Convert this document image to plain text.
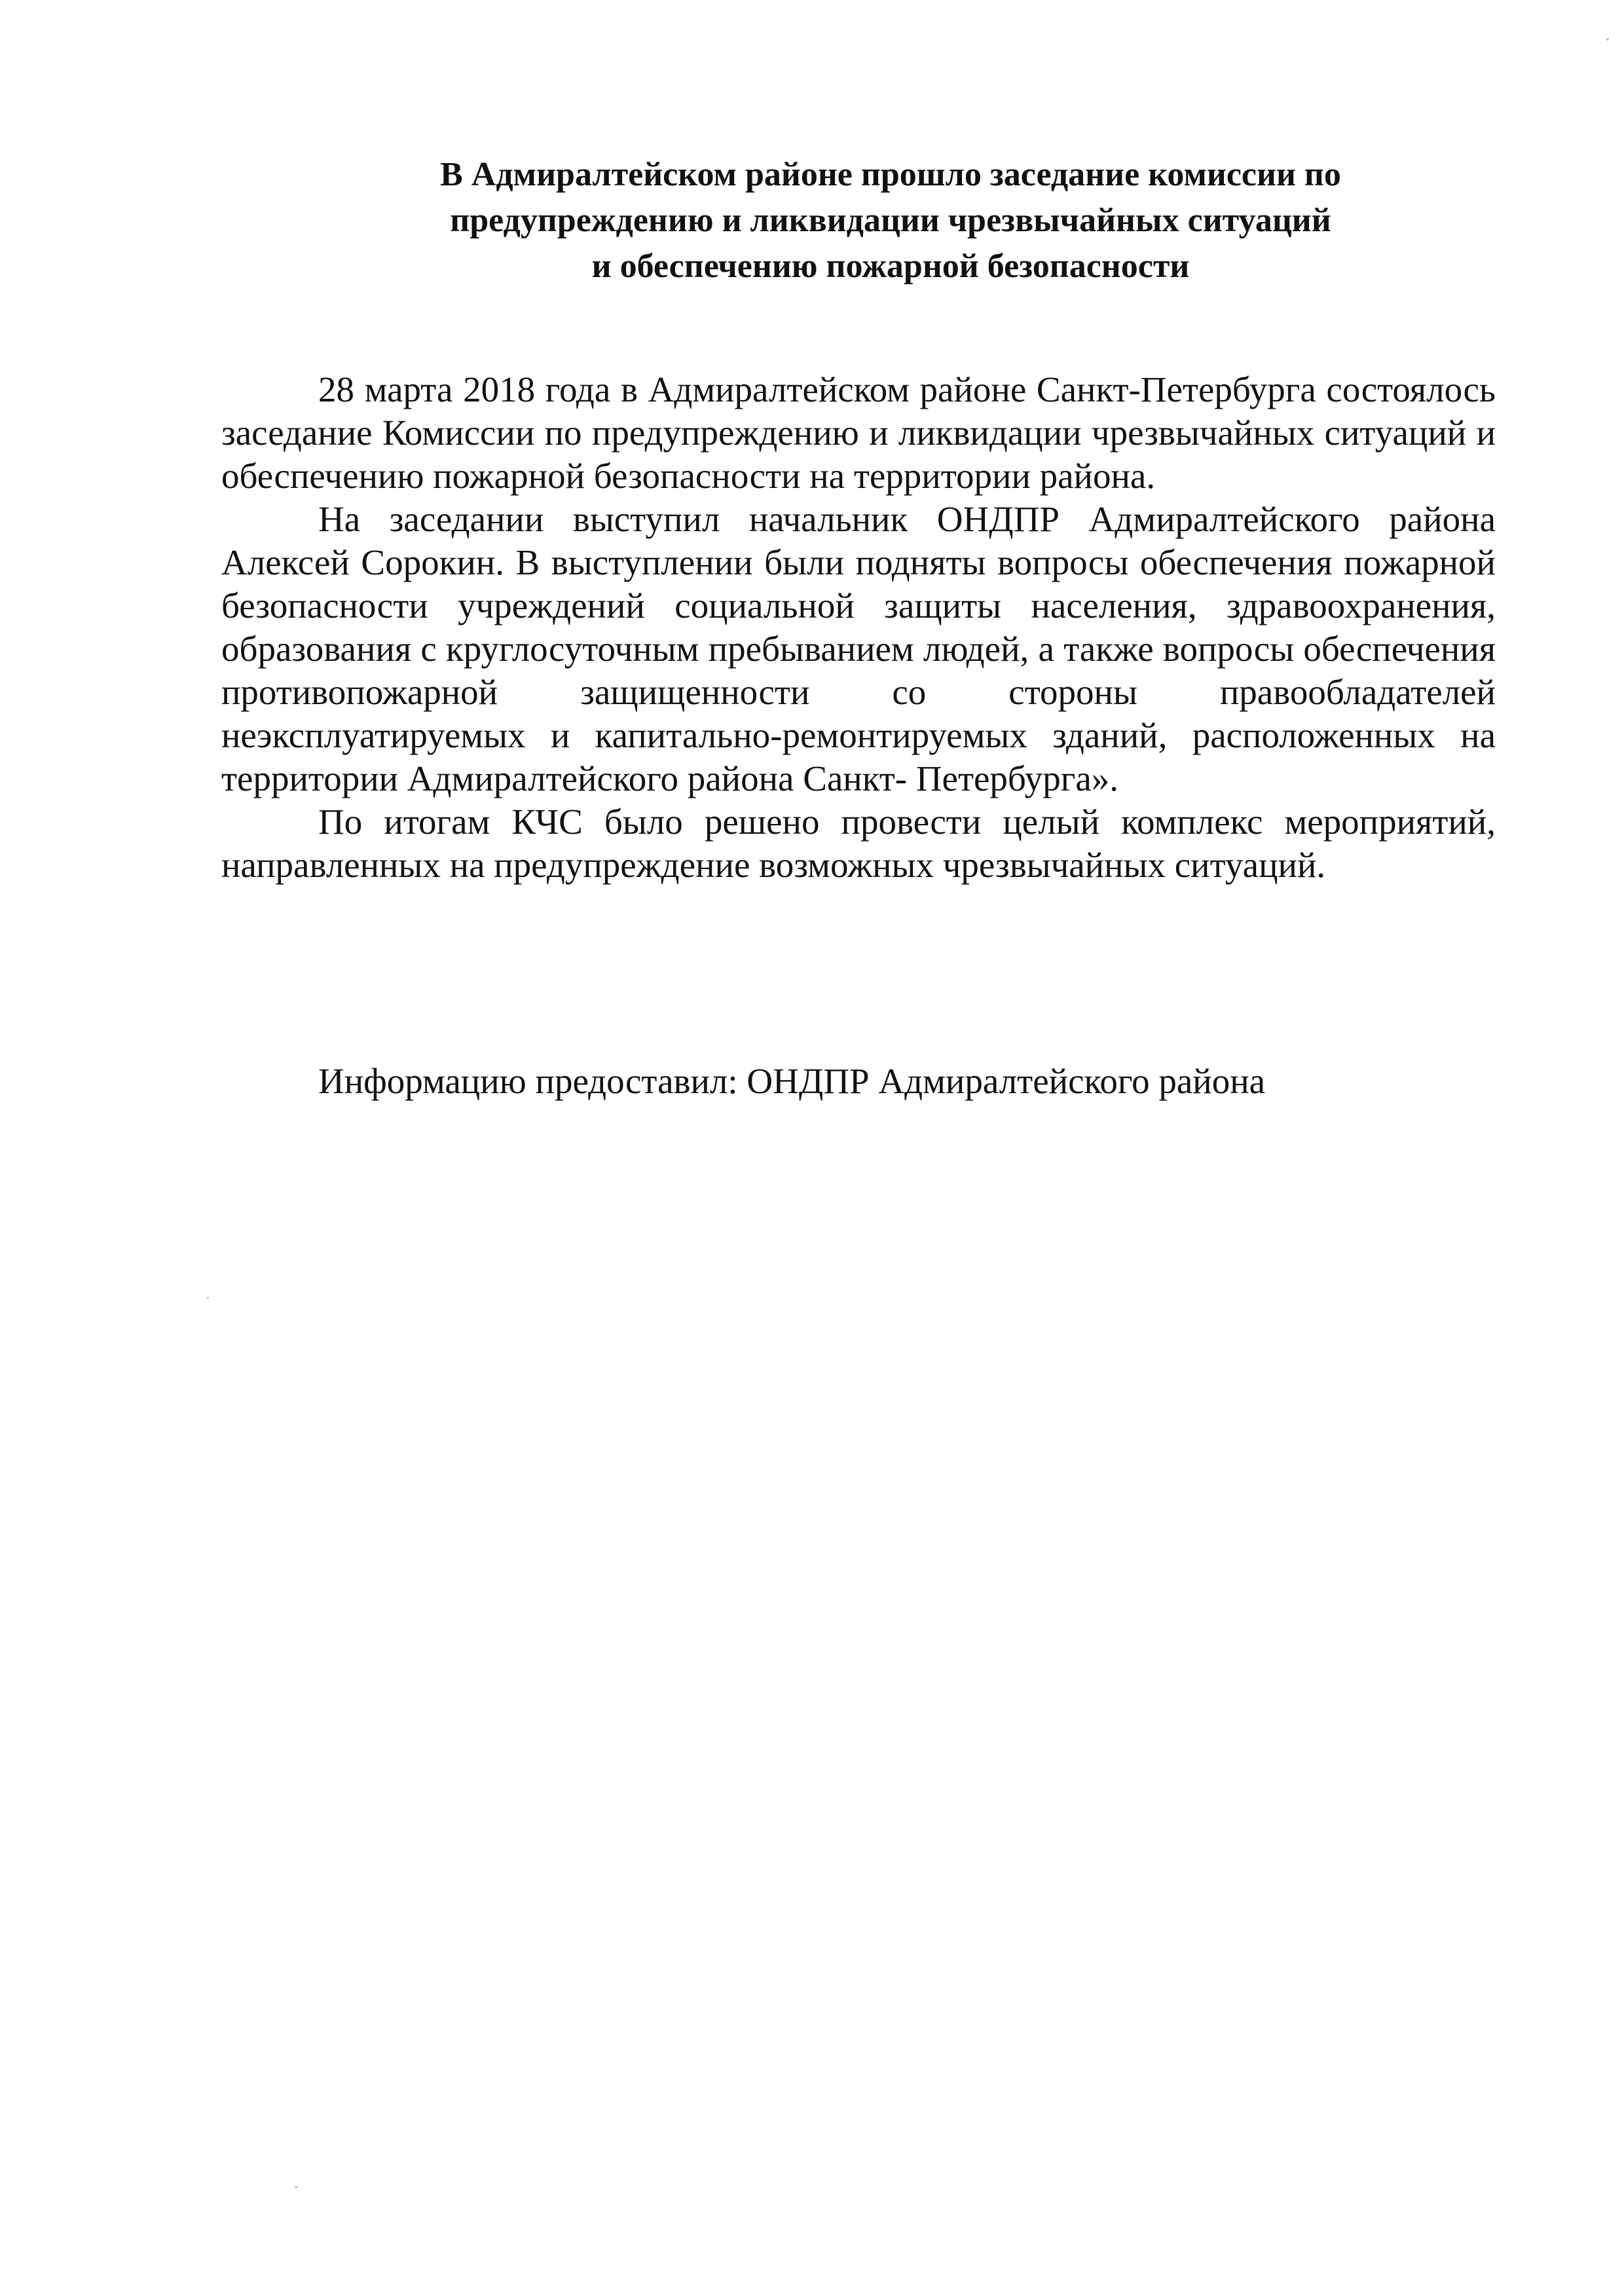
В Адмиралтейском районе прошло заседание комиссии по
предупреждению и ликвидации чрезвычайных ситуаций
и обеспечению пожарной безопасности

28 марта 2018 года в Адмиралтейском районе Санкт-Петербурга состоялось заседание Комиссии по предупреждению и ликвидации чрезвычайных ситуаций и обеспечению пожарной безопасности на территории района.

На заседании выступил начальник ОНДПР Адмиралтейского района Алексей Сорокин. В выступлении были подняты вопросы обеспечения пожарной безопасности учреждений социальной защиты населения, здравоохранения, образования с круглосуточным пребыванием людей, а также вопросы обеспечения противопожарной защищенности со стороны правообладателей неэксплуатируемых и капитально-ремонтируемых зданий, расположенных на территории Адмиралтейского района Санкт- Петербурга».

По итогам КЧС было решено провести целый комплекс мероприятий, направленных на предупреждение возможных чрезвычайных ситуаций.

Информацию предоставил: ОНДПР Адмиралтейского района
